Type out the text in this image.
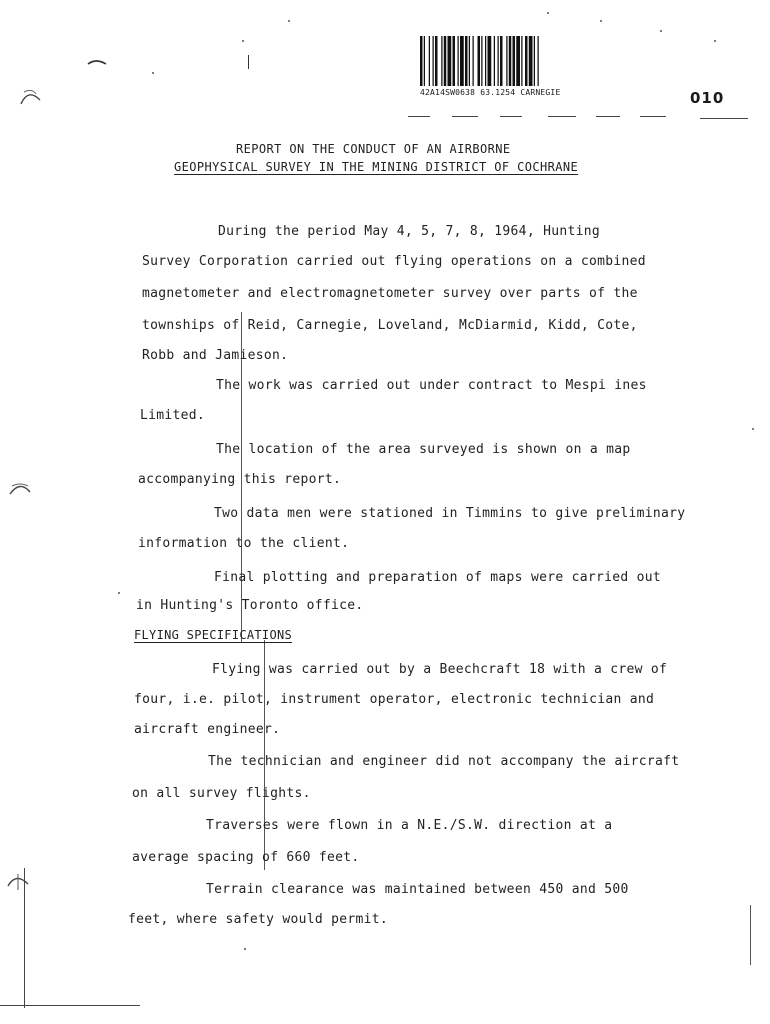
42A14SW0638 63.1254 CARNEGIE	010
REPORT ON THE CONDUCT OF AN AIRBORNE
GEOPHYSICAL SURVEY IN THE MINING DISTRICT OF COCHRANE
During the period May 4, 5, 7, 8, 1964, Hunting
Survey Corporation carried out flying operations on a combined
magnetometer and electromagnetometer survey over parts of the
townships of Reid, Carnegie, Loveland, McDiarmid, Kidd, Cote,
Robb and Jamieson.
The work was carried out under contract to Mespi ines
Limited.
The location of the area surveyed is shown on a map
accompanying this report.
Two data men were stationed in Timmins to give preliminary
information to the client.
Final plotting and preparation of maps were carried out
in Hunting's Toronto office.
FLYING SPECIFICATIONS
Flying was carried out by a Beechcraft 18 with a crew of
four, i.e. pilot, instrument operator, electronic technician and
aircraft engineer.
The technician and engineer did not accompany the aircraft
on all survey flights.
Traverses were flown in a N.E./S.W. direction at a
average spacing of 660 feet.
Terrain clearance was maintained between 450 and 500
feet, where safety would permit.
